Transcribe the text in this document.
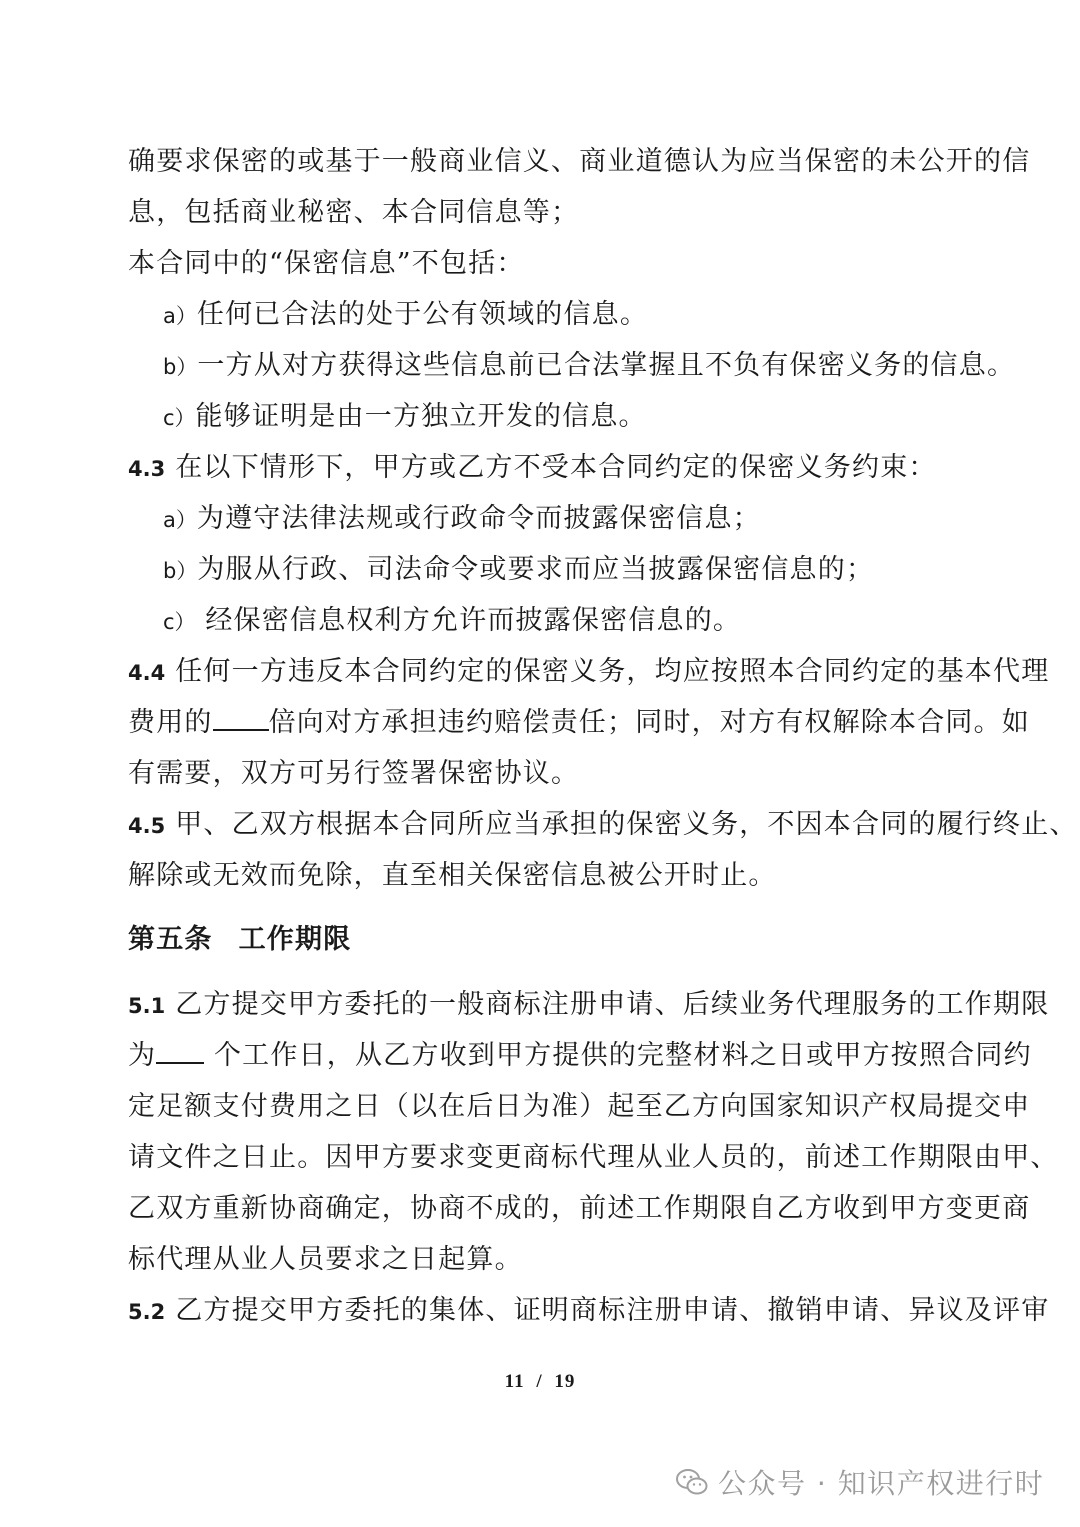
确要求保密的或基于一般商业信义、商业道德认为应当保密的未公开的信
息，包括商业秘密、本合同信息等；
本合同中的“保密信息”不包括：
a）任何已合法的处于公有领域的信息。
b）一方从对方获得这些信息前已合法掌握且不负有保密义务的信息。
c）能够证明是由一方独立开发的信息。
4.3 在以下情形下，甲方或乙方不受本合同约定的保密义务约束：
a）为遵守法律法规或行政命令而披露保密信息；
b）为服从行政、司法命令或要求而应当披露保密信息的；
c） 经保密信息权利方允许而披露保密信息的。
4.4 任何一方违反本合同约定的保密义务，均应按照本合同约定的基本代理
费用的 倍向对方承担违约赔偿责任；同时，对方有权解除本合同。如
有需要，双方可另行签署保密协议。
4.5 甲、乙双方根据本合同所应当承担的保密义务，不因本合同的履行终止、
解除或无效而免除，直至相关保密信息被公开时止。
第五条 工作期限
5.1 乙方提交甲方委托的一般商标注册申请、后续业务代理服务的工作期限
为 个工作日，从乙方收到甲方提供的完整材料之日或甲方按照合同约
定足额支付费用之日（以在后日为准）起至乙方向国家知识产权局提交申
请文件之日止。因甲方要求变更商标代理从业人员的，前述工作期限由甲、
乙双方重新协商确定，协商不成的，前述工作期限自乙方收到甲方变更商
标代理从业人员要求之日起算。
5.2 乙方提交甲方委托的集体、证明商标注册申请、撤销申请、异议及评审
11 / 19
公众号 · 知识产权进行时
